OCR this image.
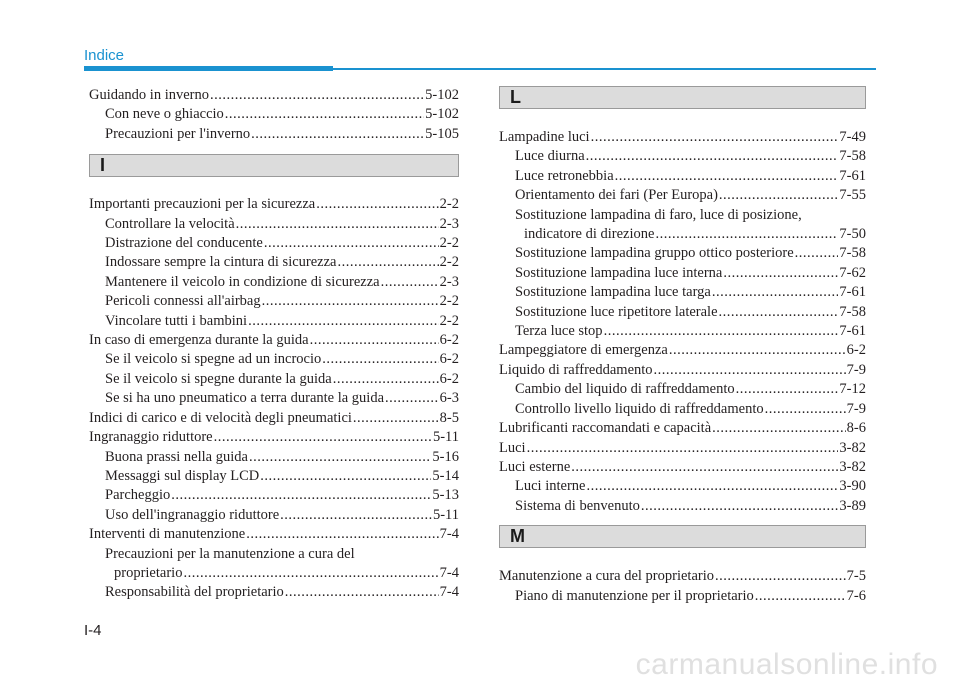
Indice
Guidando in inverno .....	5-102
Con neve o ghiaccio .....	5-102
Precauzioni per l'inverno .....	5-105
I
Importanti precauzioni per la sicurezza .....	2-2
Controllare la velocità .....	2-3
Distrazione del conducente .....	2-2
Indossare sempre la cintura di sicurezza .....	2-2
Mantenere il veicolo in condizione di sicurezza .....	2-3
Pericoli connessi all'airbag .....	2-2
Vincolare tutti i bambini .....	2-2
In caso di emergenza durante la guida .....	6-2
Se il veicolo si spegne ad un incrocio .....	6-2
Se il veicolo si spegne durante la guida .....	6-2
Se si ha uno pneumatico a terra durante la guida .....	6-3
Indici di carico e di velocità degli pneumatici .....	8-5
Ingranaggio riduttore .....	5-11
Buona prassi nella guida .....	5-16
Messaggi sul display LCD .....	5-14
Parcheggio .....	5-13
Uso dell'ingranaggio riduttore .....	5-11
Interventi di manutenzione .....	7-4
Precauzioni per la manutenzione a cura del
proprietario .....	7-4
Responsabilità del proprietario .....	7-4
L
Lampadine luci .....	7-49
Luce diurna .....	7-58
Luce retronebbia .....	7-61
Orientamento dei fari (Per Europa) .....	7-55
Sostituzione lampadina di faro, luce di posizione,
indicatore di direzione .....	7-50
Sostituzione lampadina gruppo ottico posteriore .....	7-58
Sostituzione lampadina luce interna .....	7-62
Sostituzione lampadina luce targa .....	7-61
Sostituzione luce ripetitore laterale .....	7-58
Terza luce stop .....	7-61
Lampeggiatore di emergenza .....	6-2
Liquido di raffreddamento .....	7-9
Cambio del liquido di raffreddamento .....	7-12
Controllo livello liquido di raffreddamento .....	7-9
Lubrificanti raccomandati e capacità .....	8-6
Luci .....	3-82
Luci esterne .....	3-82
Luci interne .....	3-90
Sistema di benvenuto .....	3-89
M
Manutenzione a cura del proprietario .....	7-5
Piano di manutenzione per il proprietario .....	7-6
I-4
carmanualsonline.info
